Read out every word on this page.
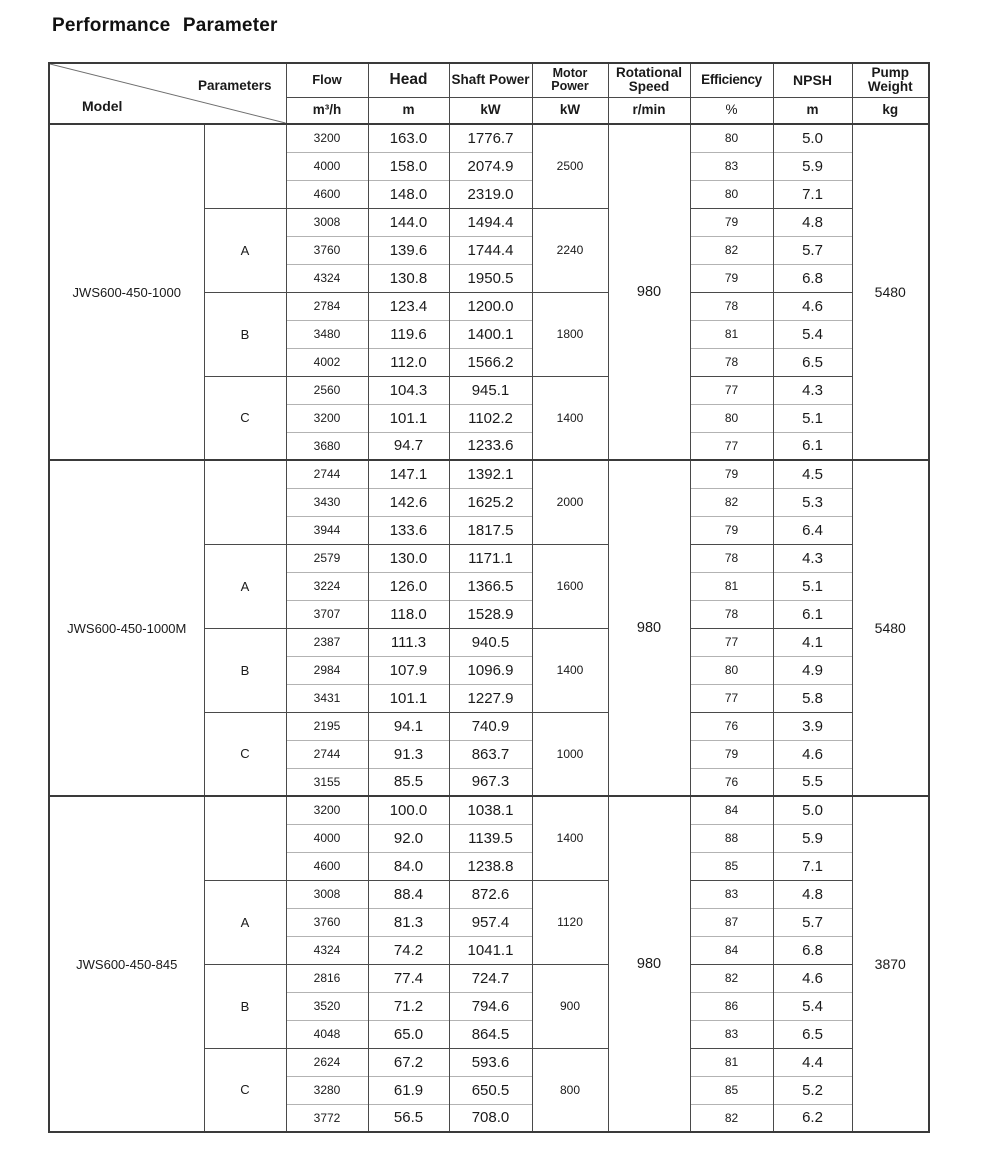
Performance Parameter
Parameters
Model		Flow	Head	Shaft Power	Motor Power	Rotational Speed	Efficiency	NPSH	Pump Weight
		m³/h	m	kW	kW	r/min	%	m	kg
JWS600-450-1000		3200	163.0	1776.7	2500	980	80	5.0	5480
		4000	158.0	2074.9			83	5.9	
		4600	148.0	2319.0			80	7.1	
	A	3008	144.0	1494.4	2240		79	4.8	
		3760	139.6	1744.4			82	5.7	
		4324	130.8	1950.5			79	6.8	
	B	2784	123.4	1200.0	1800		78	4.6	
		3480	119.6	1400.1			81	5.4	
		4002	112.0	1566.2			78	6.5	
	C	2560	104.3	945.1	1400		77	4.3	
		3200	101.1	1102.2			80	5.1	
		3680	94.7	1233.6			77	6.1	
JWS600-450-1000M		2744	147.1	1392.1	2000	980	79	4.5	5480
		3430	142.6	1625.2			82	5.3	
		3944	133.6	1817.5			79	6.4	
	A	2579	130.0	1171.1	1600		78	4.3	
		3224	126.0	1366.5			81	5.1	
		3707	118.0	1528.9			78	6.1	
	B	2387	111.3	940.5	1400		77	4.1	
		2984	107.9	1096.9			80	4.9	
		3431	101.1	1227.9			77	5.8	
	C	2195	94.1	740.9	1000		76	3.9	
		2744	91.3	863.7			79	4.6	
		3155	85.5	967.3			76	5.5	
JWS600-450-845		3200	100.0	1038.1	1400	980	84	5.0	3870
		4000	92.0	1139.5			88	5.9	
		4600	84.0	1238.8			85	7.1	
	A	3008	88.4	872.6	1120		83	4.8	
		3760	81.3	957.4			87	5.7	
		4324	74.2	1041.1			84	6.8	
	B	2816	77.4	724.7	900		82	4.6	
		3520	71.2	794.6			86	5.4	
		4048	65.0	864.5			83	6.5	
	C	2624	67.2	593.6	800		81	4.4	
		3280	61.9	650.5			85	5.2	
		3772	56.5	708.0			82	6.2	
